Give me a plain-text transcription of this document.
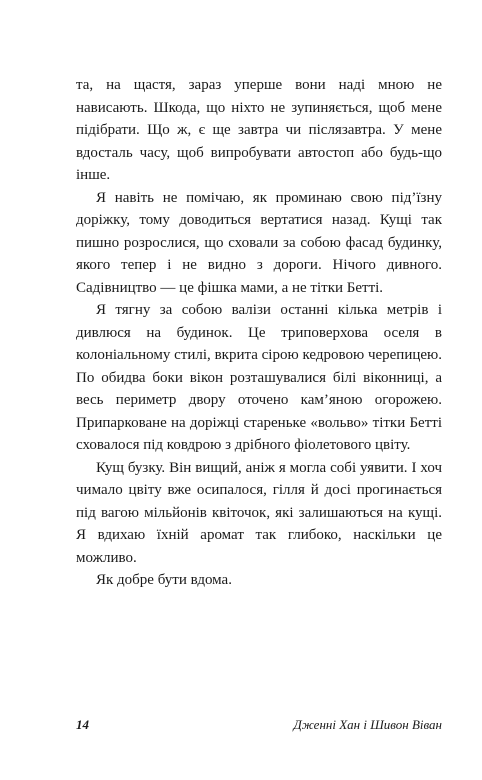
та, на щастя, зараз уперше вони наді мною не нависають. Шкода, що ніхто не зупиняється, щоб мене підібрати. Що ж, є ще завтра чи післязавтра. У мене вдосталь часу, щоб випробувати автостоп або будь-що інше.

Я навіть не помічаю, як проминаю свою під’їзну доріжку, тому доводиться вертатися назад. Кущі так пишно розрослися, що сховали за собою фасад будинку, якого тепер і не видно з дороги. Нічого дивного. Садівництво — це фішка мами, а не тітки Бетті.

Я тягну за собою валізи останні кілька метрів і дивлюся на будинок. Це триповерхова оселя в колоніальному стилі, вкрита сірою кедровою черепицею. По обидва боки вікон розташувалися білі віконниці, а весь периметр двору оточено кам’яною огорожею. Припарковане на доріжці стареньке «вольво» тітки Бетті сховалося під ковдрою з дрібного фіолетового цвіту.

Кущ бузку. Він вищий, аніж я могла собі уявити. І хоч чимало цвіту вже осипалося, гілля й досі прогинається під вагою мільйонів квіточок, які залишаються на кущі. Я вдихаю їхній аромат так глибоко, наскільки це можливо.

Як добре бути вдома.

14	Дженні Хан і Шивон Віван
